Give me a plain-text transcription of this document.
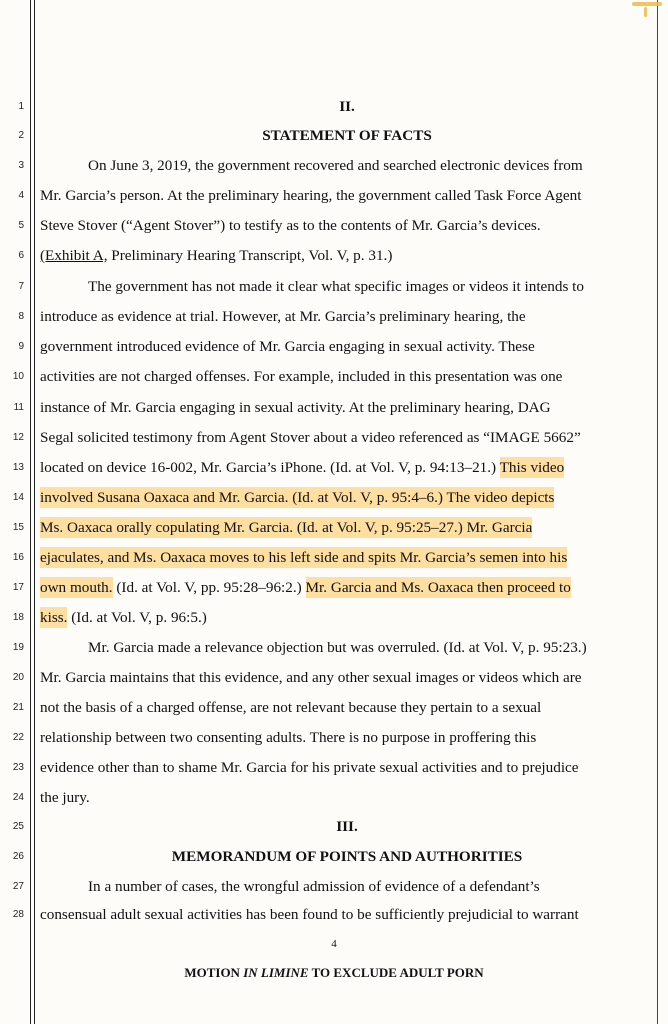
1
2
3
4
5
6
7
8
9
10
11
12
13
14
15
16
17
18
19
20
21
22
23
24
25
26
27
28
II.
STATEMENT OF FACTS
On June 3, 2019, the government recovered and searched electronic devices from
Mr. Garcia’s person. At the preliminary hearing, the government called Task Force Agent
Steve Stover (“Agent Stover”) to testify as to the contents of Mr. Garcia’s devices.
(Exhibit A, Preliminary Hearing Transcript, Vol. V, p. 31.)
The government has not made it clear what specific images or videos it intends to
introduce as evidence at trial. However, at Mr. Garcia’s preliminary hearing, the
government introduced evidence of Mr. Garcia engaging in sexual activity. These
activities are not charged offenses. For example, included in this presentation was one
instance of Mr. Garcia engaging in sexual activity. At the preliminary hearing, DAG
Segal solicited testimony from Agent Stover about a video referenced as “IMAGE 5662”
located on device 16-002, Mr. Garcia’s iPhone. (Id. at Vol. V, p. 94:13–21.) This video
involved Susana Oaxaca and Mr. Garcia. (Id. at Vol. V, p. 95:4–6.) The video depicts
Ms. Oaxaca orally copulating Mr. Garcia. (Id. at Vol. V, p. 95:25–27.) Mr. Garcia
ejaculates, and Ms. Oaxaca moves to his left side and spits Mr. Garcia’s semen into his
own mouth. (Id. at Vol. V, pp. 95:28–96:2.) Mr. Garcia and Ms. Oaxaca then proceed to
kiss. (Id. at Vol. V, p. 96:5.)
Mr. Garcia made a relevance objection but was overruled. (Id. at Vol. V, p. 95:23.)
Mr. Garcia maintains that this evidence, and any other sexual images or videos which are
not the basis of a charged offense, are not relevant because they pertain to a sexual
relationship between two consenting adults. There is no purpose in proffering this
evidence other than to shame Mr. Garcia for his private sexual activities and to prejudice
the jury.
III.
MEMORANDUM OF POINTS AND AUTHORITIES
In a number of cases, the wrongful admission of evidence of a defendant’s
consensual adult sexual activities has been found to be sufficiently prejudicial to warrant
4
MOTION IN LIMINE TO EXCLUDE ADULT PORN
